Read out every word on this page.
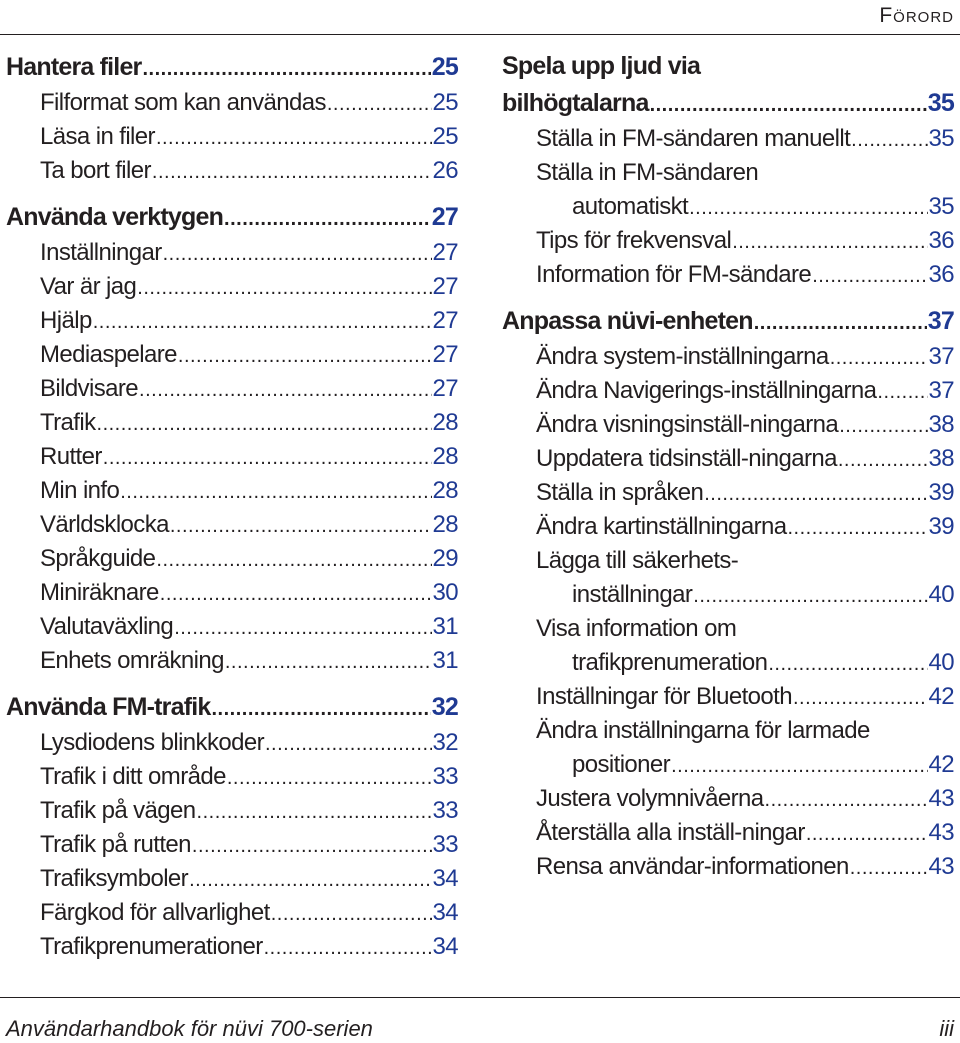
Förord
Hantera filer .....	25
Filformat som kan användas .....	25
Läsa in filer .....	25
Ta bort filer .....	26
Använda verktygen .....	27
Inställningar .....	27
Var är jag .....	27
Hjälp .....	27
Mediaspelare .....	27
Bildvisare .....	27
Trafik .....	28
Rutter .....	28
Min info .....	28
Världsklocka .....	28
Språkguide .....	29
Miniräknare .....	30
Valutaväxling .....	31
Enhets omräkning .....	31
Använda FM-trafik .....	32
Lysdiodens blinkkoder .....	32
Trafik i ditt område .....	33
Trafik på vägen .....	33
Trafik på rutten .....	33
Trafiksymboler .....	34
Färgkod för allvarlighet .....	34
Trafikprenumerationer .....	34
Spela upp ljud via
bilhögtalarna .....	35
Ställa in FM-sändaren manuellt .....	35
Ställa in FM-sändaren
automatiskt .....	35
Tips för frekvensval .....	36
Information för FM-sändare .....	36
Anpassa nüvi-enheten .....	37
Ändra system-inställningarna .....	37
Ändra Navigerings-inställningarna ..... 37
Ändra visningsinställ-ningarna .....	38
Uppdatera tidsinställ-ningarna .....	38
Ställa in språken .....	39
Ändra kartinställningarna .....	39
Lägga till säkerhets-
inställningar .....	40
Visa information om
trafikprenumeration .....	40
Inställningar för Bluetooth .....	42
Ändra inställningarna för larmade
positioner .....	42
Justera volymnivåerna .....	43
Återställa alla inställ-ningar .....	43
Rensa användar-informationen .....	43
Användarhandbok för nüvi 700-serien	iii
